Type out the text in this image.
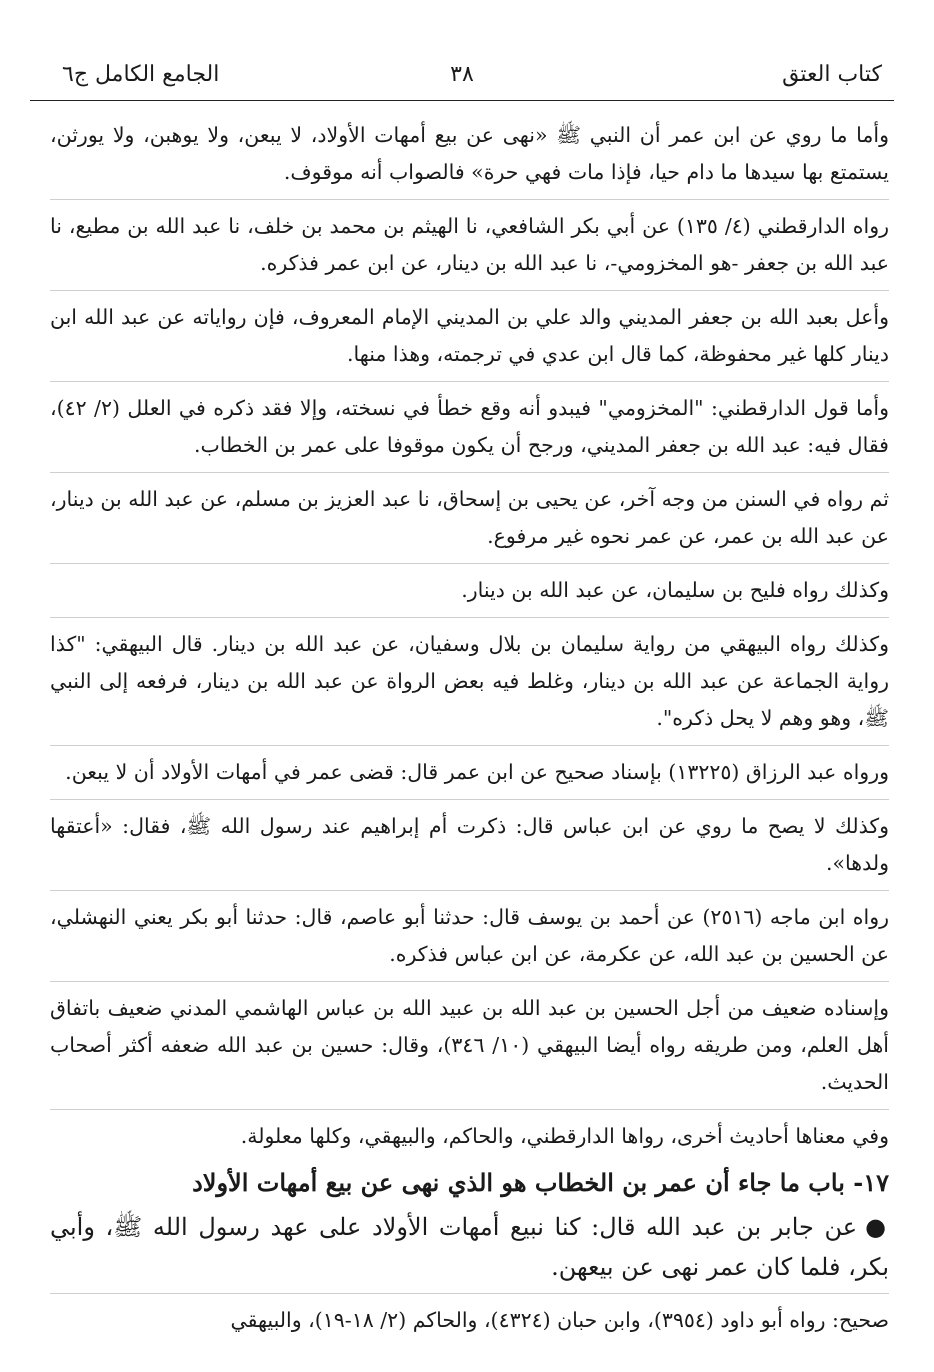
كتاب العتق
٣٨
الجامع الكامل ج٦

وأما ما روي عن ابن عمر أن النبي ﷺ «نهى عن بيع أمهات الأولاد، لا يبعن، ولا يوهبن، ولا يورثن، يستمتع بها سيدها ما دام حيا، فإذا مات فهي حرة» فالصواب أنه موقوف.

رواه الدارقطني (٤/ ١٣٥) عن أبي بكر الشافعي، نا الهيثم بن محمد بن خلف، نا عبد الله بن مطيع، نا عبد الله بن جعفر -هو المخزومي-، نا عبد الله بن دينار، عن ابن عمر فذكره.

وأعل بعبد الله بن جعفر المديني والد علي بن المديني الإمام المعروف، فإن رواياته عن عبد الله ابن دينار كلها غير محفوظة، كما قال ابن عدي في ترجمته، وهذا منها.

وأما قول الدارقطني: "المخزومي" فيبدو أنه وقع خطأ في نسخته، وإلا فقد ذكره في العلل (٢/ ٤٢)، فقال فيه: عبد الله بن جعفر المديني، ورجح أن يكون موقوفا على عمر بن الخطاب.

ثم رواه في السنن من وجه آخر، عن يحيى بن إسحاق، نا عبد العزيز بن مسلم، عن عبد الله بن دينار، عن عبد الله بن عمر، عن عمر نحوه غير مرفوع.

وكذلك رواه فليح بن سليمان، عن عبد الله بن دينار.

وكذلك رواه البيهقي من رواية سليمان بن بلال وسفيان، عن عبد الله بن دينار. قال البيهقي: "كذا رواية الجماعة عن عبد الله بن دينار، وغلط فيه بعض الرواة عن عبد الله بن دينار، فرفعه إلى النبي ﷺ، وهو وهم لا يحل ذكره".

ورواه عبد الرزاق (١٣٢٢٥) بإسناد صحيح عن ابن عمر قال: قضى عمر في أمهات الأولاد أن لا يبعن.

وكذلك لا يصح ما روي عن ابن عباس قال: ذكرت أم إبراهيم عند رسول الله ﷺ، فقال: «أعتقها ولدها».

رواه ابن ماجه (٢٥١٦) عن أحمد بن يوسف قال: حدثنا أبو عاصم، قال: حدثنا أبو بكر يعني النهشلي، عن الحسين بن عبد الله، عن عكرمة، عن ابن عباس فذكره.

وإسناده ضعيف من أجل الحسين بن عبد الله بن عبيد الله بن عباس الهاشمي المدني ضعيف باتفاق أهل العلم، ومن طريقه رواه أيضا البيهقي (١٠/ ٣٤٦)، وقال: حسين بن عبد الله ضعفه أكثر أصحاب الحديث.

وفي معناها أحاديث أخرى، رواها الدارقطني، والحاكم، والبيهقي، وكلها معلولة.

١٧- باب ما جاء أن عمر بن الخطاب هو الذي نهى عن بيع أمهات الأولاد
●عن جابر بن عبد الله قال: كنا نبيع أمهات الأولاد على عهد رسول الله ﷺ، وأبي بكر، فلما كان عمر نهى عن بيعهن.

صحيح: رواه أبو داود (٣٩٥٤)، وابن حبان (٤٣٢٤)، والحاكم (٢/ ١٨-١٩)، والبيهقي
